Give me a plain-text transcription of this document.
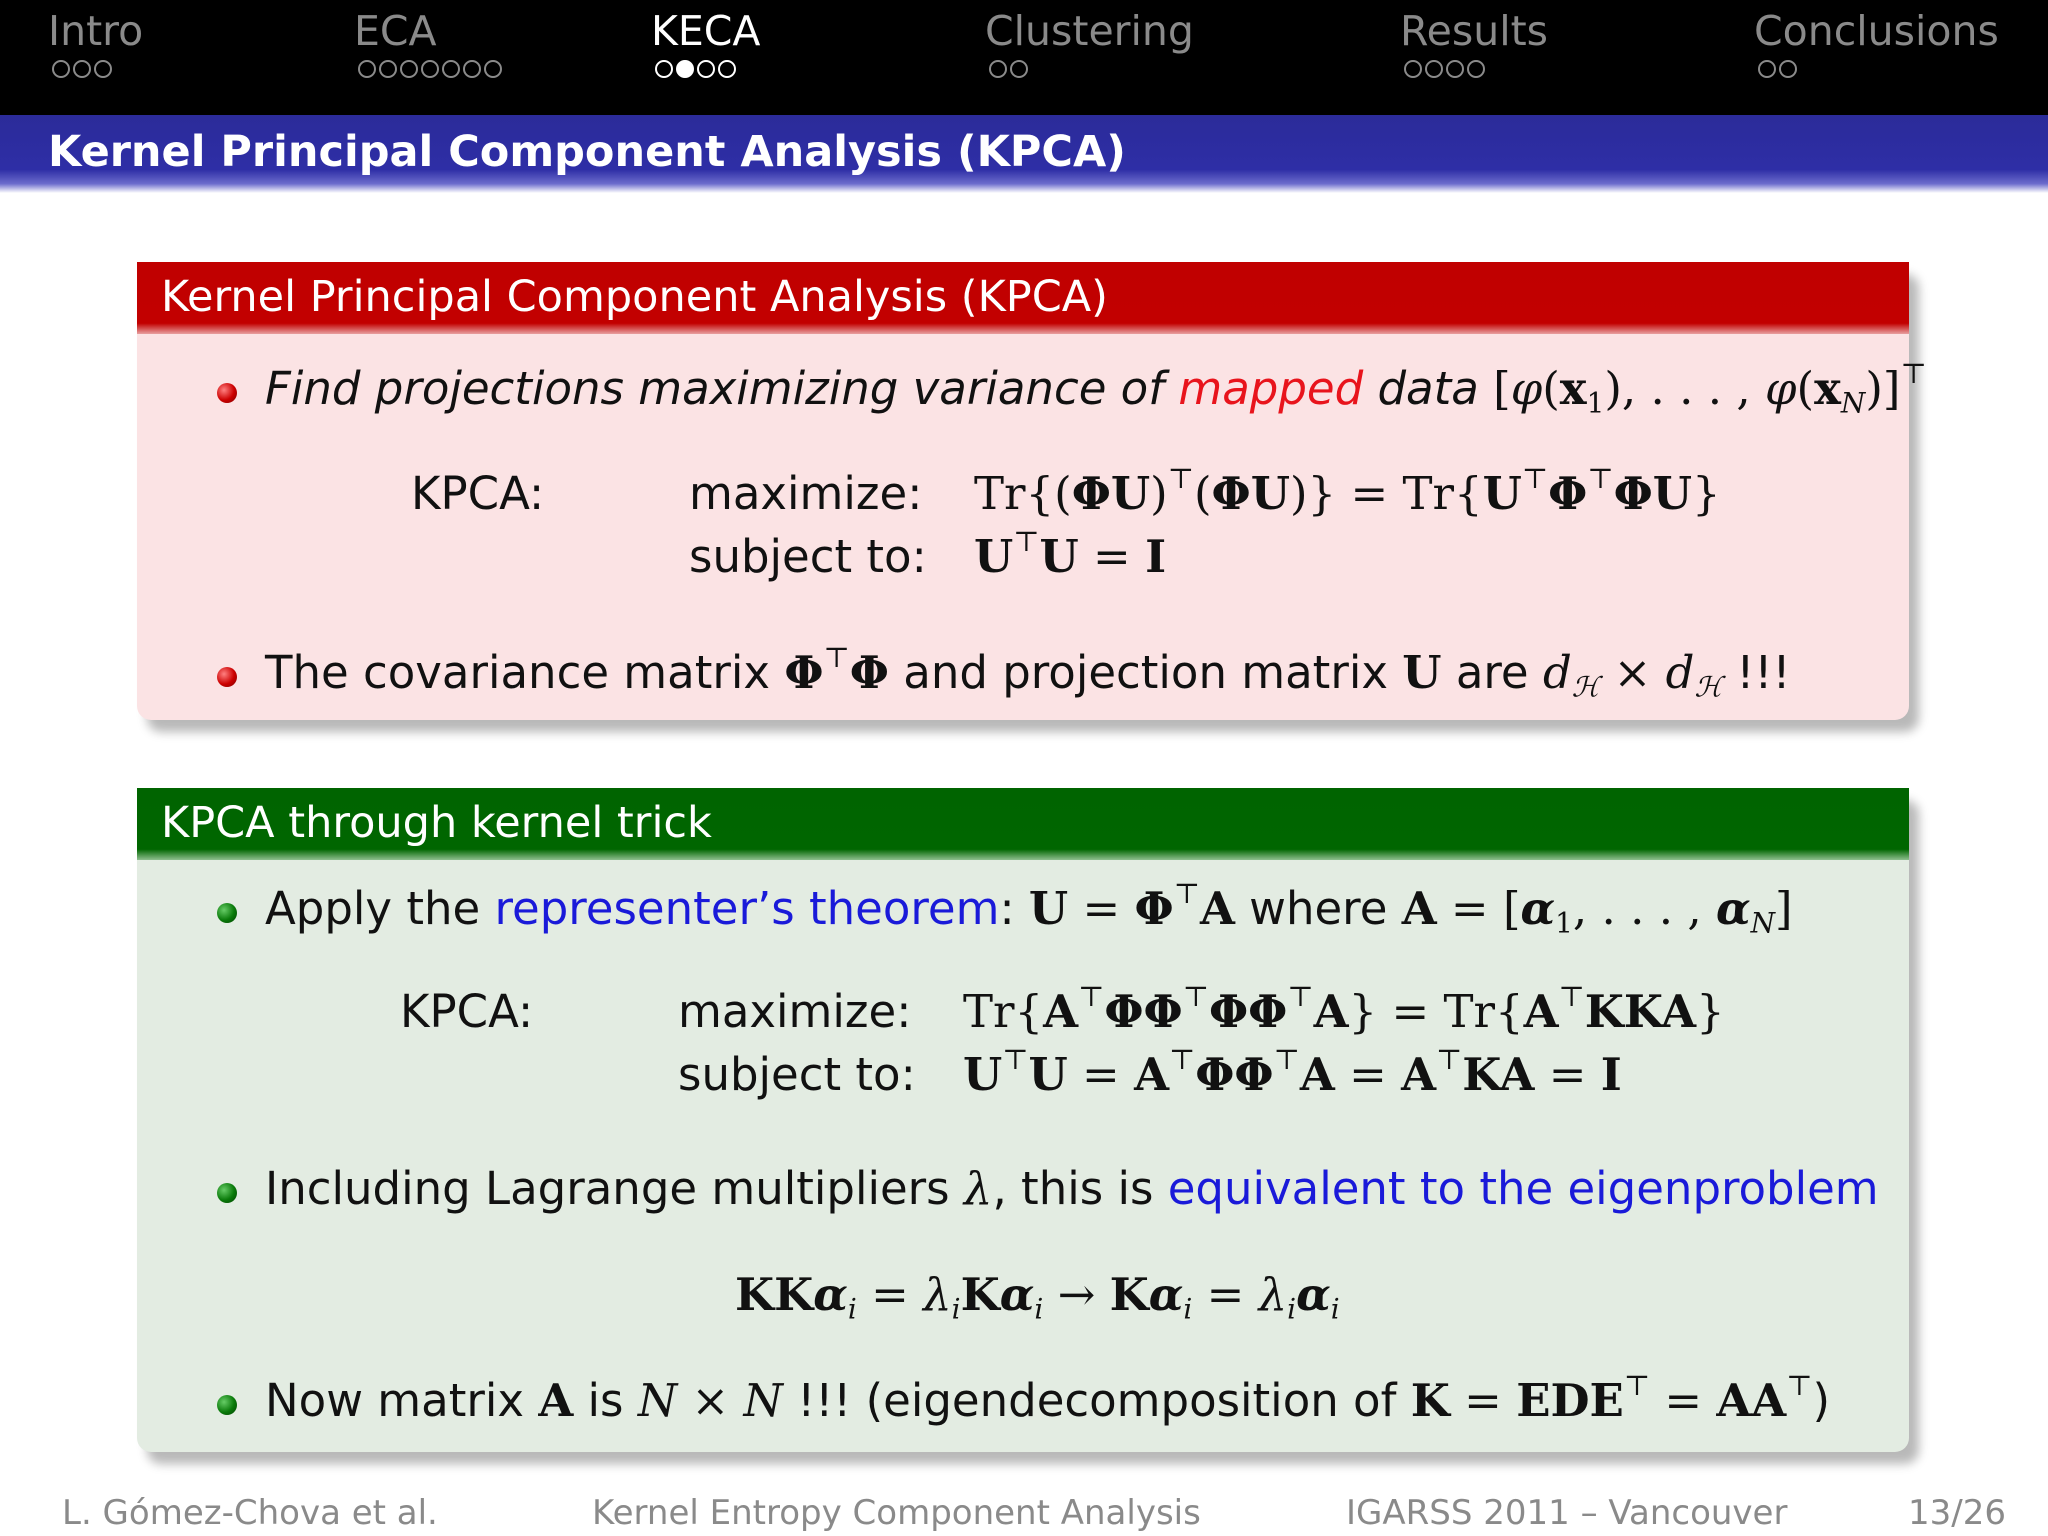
Intro	ECA	KECA	Clustering	Results	Conclusions
Kernel Principal Component Analysis (KPCA)
Kernel Principal Component Analysis (KPCA)
Find projections maximizing variance of mapped data [$\varphi(x_1)$, . . . , $\varphi(x_N)]^⊤$
KPCA:	maximize: Tr{(ΦU)⊤(ΦU)} = Tr{U⊤Φ⊤ΦU}
subject to: U⊤U = I
The covariance matrix Φ⊤Φ and projection matrix U are $d_ℋ \times d_ℋ$ !!!
KPCA through kernel trick
Apply the representer’s theorem: U = Φ⊤A where $A = [\alpha_1$, . . . , $\alpha_N$]
KPCA:	maximize: Tr{A⊤ΦΦ⊤ΦΦ⊤A} = Tr{A⊤KKA}
subject to: U⊤U = A⊤ΦΦ⊤A = A⊤KA = I
Including Lagrange multipliers λ, this is equivalent to the eigenproblem
$KK\alpha_i = \lambda_iK\alpha_i \to K\alpha_i = \lambda_i\alpha_i$
Now matrix A is N × N !!! (eigendecomposition of K = EDE⊤ = AA⊤)
L. Gómez-Chova et al.	Kernel Entropy Component Analysis	IGARSS 2011 – Vancouver	13/26
